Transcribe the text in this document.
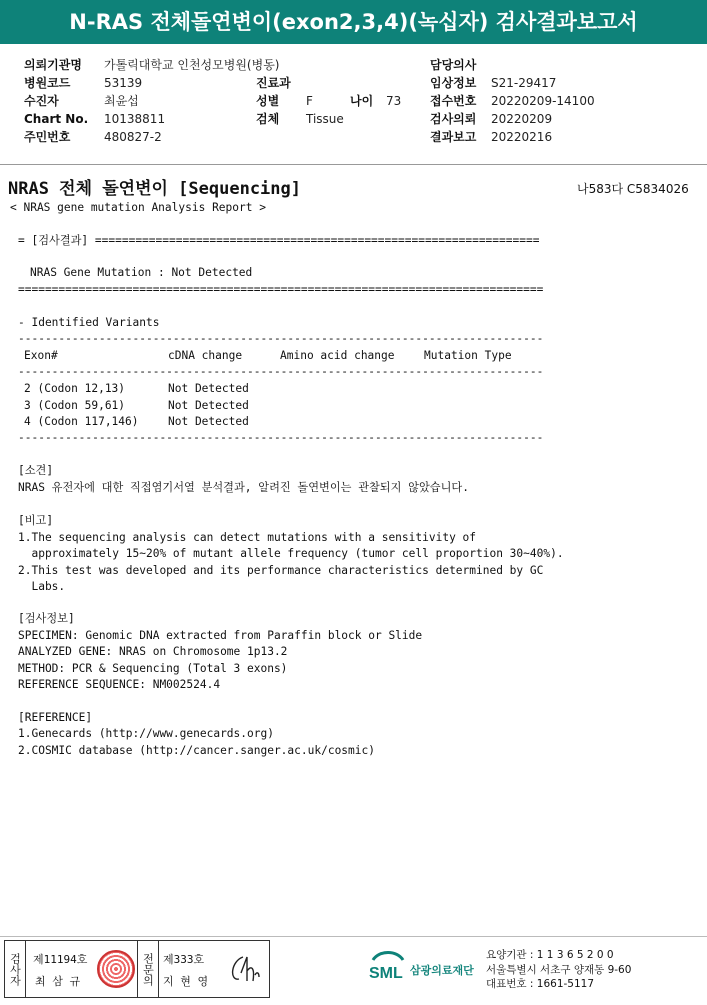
N-RAS 전체돌연변이(exon2,3,4)(녹십자) 검사결과보고서
의뢰기관명 가톨릭대학교 인천성모병원(병동)
병원코드	53139
수진자	최윤섭
Chart No. 10138811
주민번호	480827-2
진료과
성별 F	나이 73
검체 Tissue
담당의사
임상정보 S21-29417
접수번호 20220209-14100
검사의뢰 20220209
결과보고 20220216
NRAS 전체 돌연변이 [Sequencing]	나583다 C5834026
< NRAS gene mutation Analysis Report >
= [검사결과] ==================================================================
NRAS Gene Mutation : Not Detected
==============================================================================
- Identified Variants
------------------------------------------------------------------------------
Exon#	cDNA change	Amino acid change	Mutation Type
------------------------------------------------------------------------------
2 (Codon 12,13)	Not Detected
3 (Codon 59,61)	Not Detected
4 (Codon 117,146)	Not Detected
------------------------------------------------------------------------------
[소견]
NRAS 유전자에 대한 직접염기서열 분석결과, 알려진 돌연변이는 관찰되지 않았습니다.
[비고]
1.The sequencing analysis can detect mutations with a sensitivity of
approximately 15~20% of mutant allele frequency (tumor cell proportion 30~40%).
2.This test was developed and its performance characteristics determined by GC
Labs.
[검사정보]
SPECIMEN: Genomic DNA extracted from Paraffin block or Slide
ANALYZED GENE: NRAS on Chromosome 1p13.2
METHOD: PCR & Sequencing (Total 3 exons)
REFERENCE SEQUENCE: NM002524.4
[REFERENCE]
1.Genecards (http://www.genecards.org)
2.COSMIC database (http://cancer.sanger.ac.uk/cosmic)
검사자	제11194호
최 삼 규	전문의 제333호
지 현 영	SML 삼광의료재단
요양기관 : 1 1 3 6 5 2 0 0
서울특별시 서초구 양재동 9-60
대표번호 : 1661-5117
